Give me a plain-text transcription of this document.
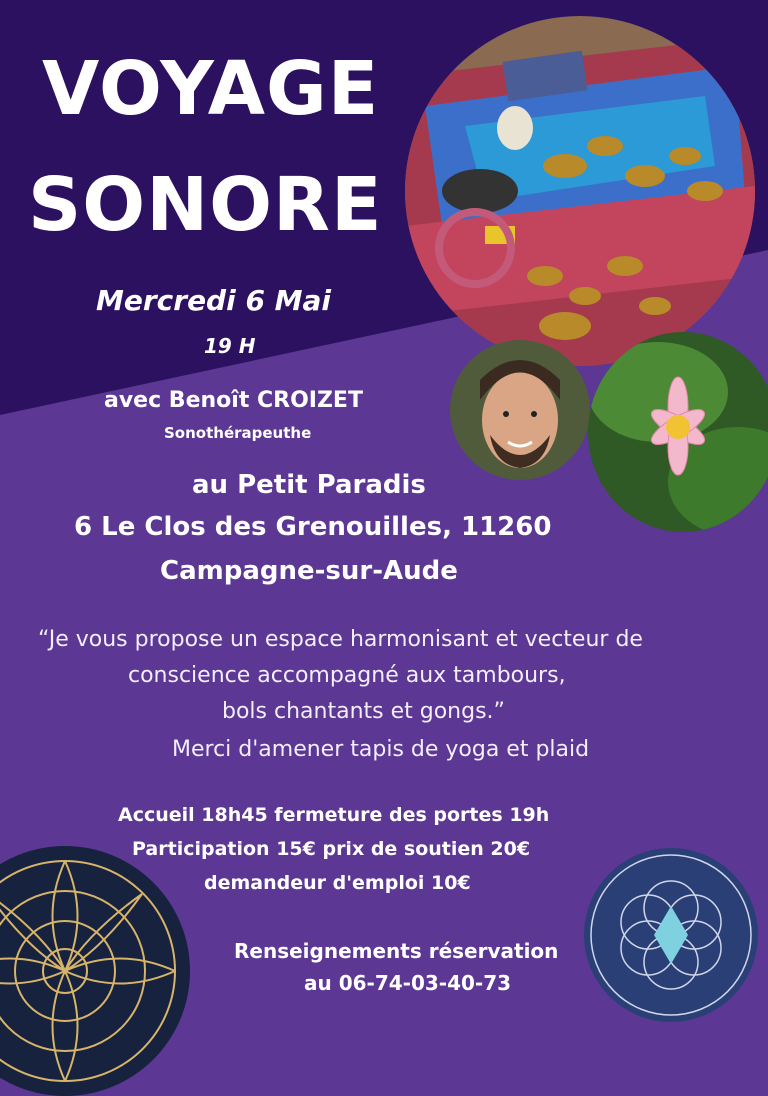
VOYAGE
SONORE
Mercredi 6 Mai
19 H
avec Benoît CROIZET
Sonothérapeuthe
au Petit Paradis
6 Le Clos des Grenouilles, 11260
Campagne-sur-Aude
“Je vous propose un espace harmonisant et vecteur de
conscience accompagné aux tambours,
bols chantants et gongs.”
Merci d'amener tapis de yoga et plaid
Accueil 18h45 fermeture des portes 19h
Participation 15€ prix de soutien 20€
demandeur d'emploi 10€
Renseignements réservation
au 06-74-03-40-73
